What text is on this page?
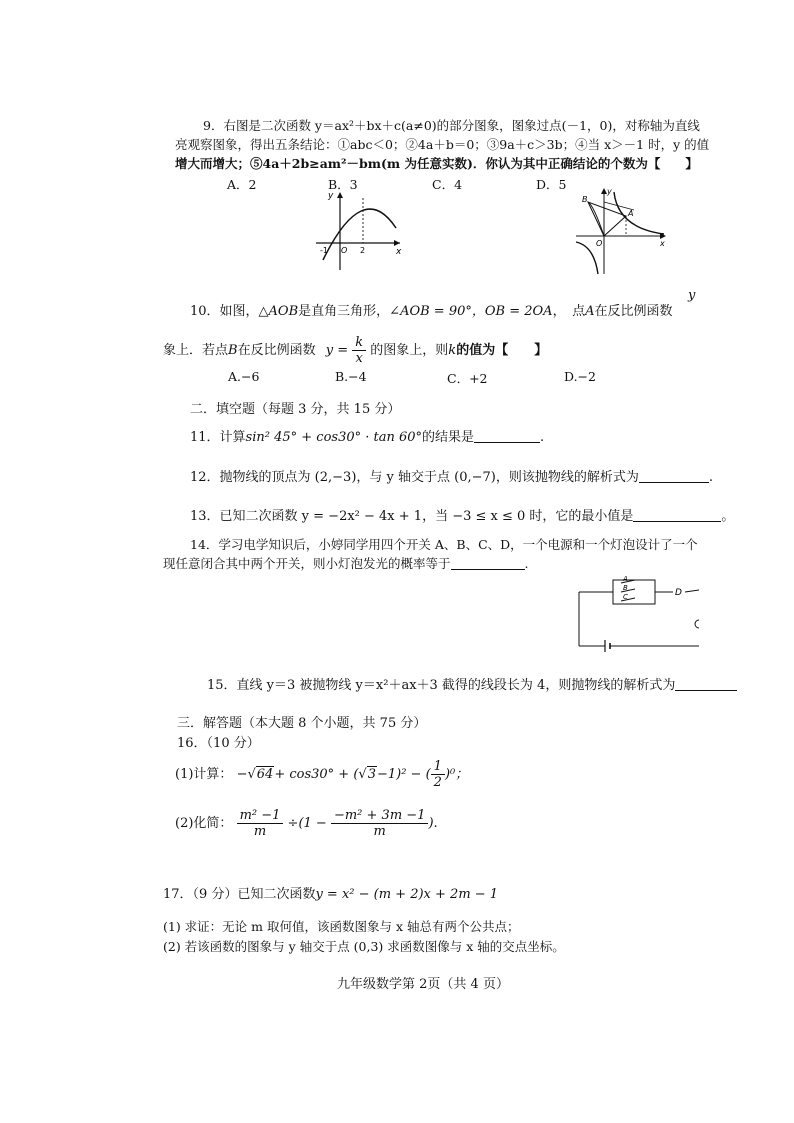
9．右图是二次函数 y＝ax²＋bx＋c(a≠0)的部分图象，图象过点(－1，0)，对称轴为直线
亮观察图象，得出五条结论：①abc＜0；②4a＋b＝0；③9a＋c＞3b；④当 x＞－1 时，y 的值
增大而增大；⑤4a＋2b≥am²－bm(m 为任意实数)．你认为其中正确结论的个数为【　　】
A．2	B．3	C．4	D．5
y
x
-1 O 2
y
x
B
A
O
10．如图，△AOB是直角三角形，∠AOB = 90°，OB = 2OA，　点A在反比例函数
y
象上．若点B在反比例函数 $y = \frac{k}{x}$ 的图象上，则k的值为【　　】
A.−6	B.−4	C．+2	D.−2
二．填空题（每题 3 分，共 15 分）
11．计算sin² 45° + cos30° · tan 60°的结果是	.
12．抛物线的顶点为 (2,−3)，与 y 轴交于点 (0,−7)，则该抛物线的解析式为	.
13．已知二次函数 y = −2x² − 4x + 1，当 −3 ≤ x ≤ 0 时，它的最小值是	。
14．学习电学知识后，小婷同学用四个开关 A、B、C、D，一个电源和一个灯泡设计了一个
现任意闭合其中两个开关，则小灯泡发光的概率等于	.
A
B
C	D
15．直线 y＝3 被抛物线 y＝x²＋ax＋3 截得的线段长为 4，则抛物线的解析式为
三．解答题（本大题 8 个小题，共 75 分）
16．（10 分）
(1)计算： −√64+ cos30° + (√3−1)² − ( $\frac{1}{2} )^0$；
(2)化简： $\frac{\text{m² −1}}{m} \div(1 - \frac{\text{−m² + 3m −1}}{m}$ ).
17．（9 分）已知二次函数y = x² − (m + 2)x + 2m − 1
(1) 求证：无论 m 取何值，该函数图象与 x 轴总有两个公共点；
(2) 若该函数的图象与 y 轴交于点 (0,3) 求函数图像与 x 轴的交点坐标。
九年级数学第 2页（共 4 页）
